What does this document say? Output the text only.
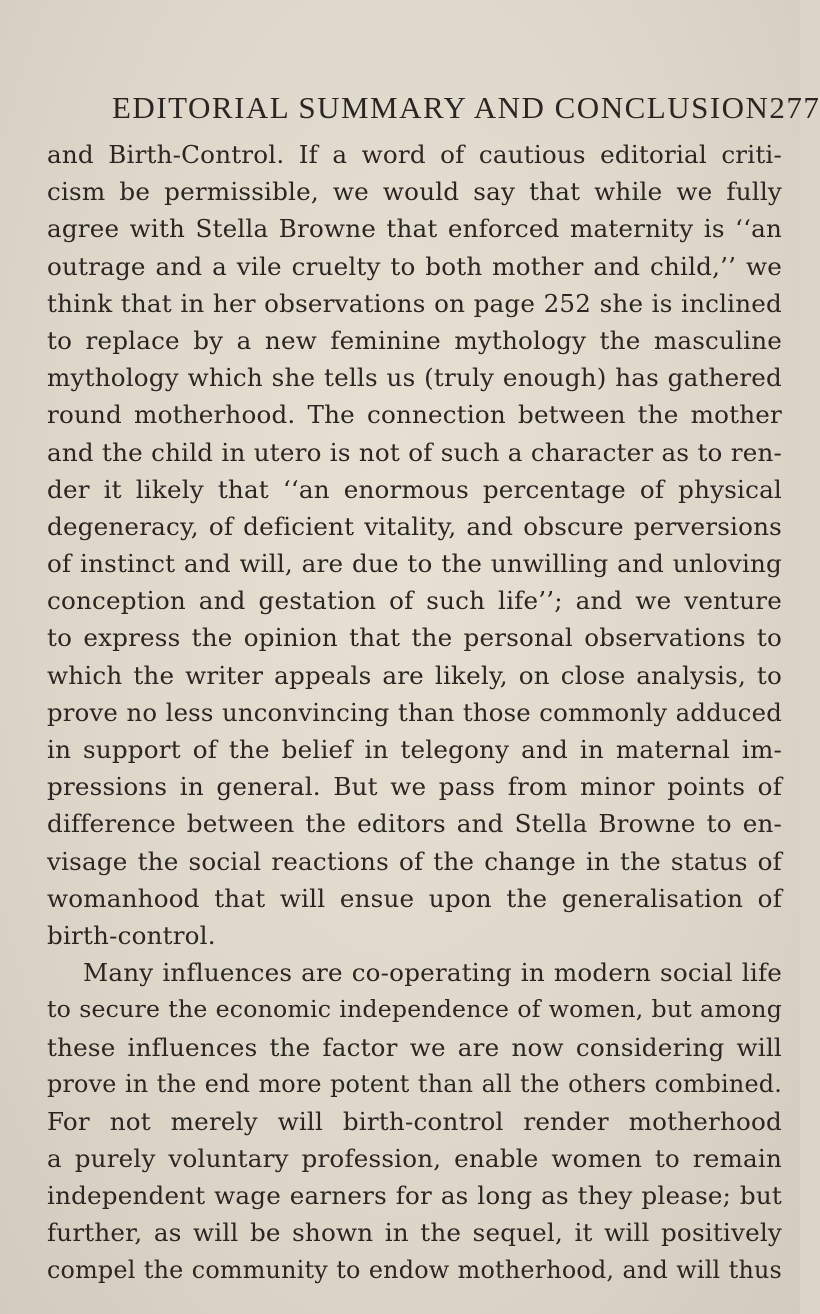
EDITORIAL SUMMARY AND CONCLUSION 277
and Birth-Control. If a word of cautious editorial criti-
cism be permissible, we would say that while we fully
agree with Stella Browne that enforced maternity is ‘‘an
outrage and a vile cruelty to both mother and child,’’ we
think that in her observations on page 252 she is inclined
to replace by a new feminine mythology the masculine
mythology which she tells us (truly enough) has gathered
round motherhood. The connection between the mother
and the child in utero is not of such a character as to ren-
der it likely that ‘‘an enormous percentage of physical
degeneracy, of deficient vitality, and obscure perversions
of instinct and will, are due to the unwilling and unloving
conception and gestation of such life’’; and we venture
to express the opinion that the personal observations to
which the writer appeals are likely, on close analysis, to
prove no less unconvincing than those commonly adduced
in support of the belief in telegony and in maternal im-
pressions in general. But we pass from minor points of
difference between the editors and Stella Browne to en-
visage the social reactions of the change in the status of
womanhood that will ensue upon the generalisation of
birth-control.
Many influences are co-operating in modern social life
to secure the economic independence of women, but among
these influences the factor we are now considering will
prove in the end more potent than all the others combined.
For not merely will birth-control render motherhood
a purely voluntary profession, enable women to remain
independent wage earners for as long as they please; but
further, as will be shown in the sequel, it will positively
compel the community to endow motherhood, and will thus
